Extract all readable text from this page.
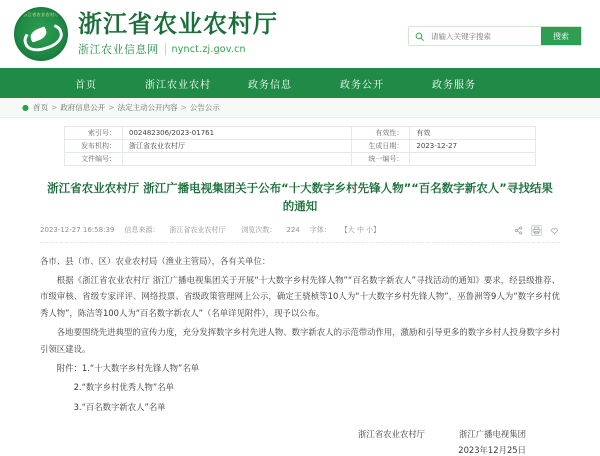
浙江省农业农村厅 浙江省农业农村厅
浙江农业信息网 nynct.zj.gov.cn
请输入关键字搜索
搜索
首页	浙江农业农村	政务信息	政务公开	政务服务
● 首页 > 政府信息公开 > 法定主动公开内容 > 公告公示
索引号：	002482306/2023-01761	有效性：	有效
发布机构：	浙江省农业农村厅	生成日期：	2023-12-27
文件编号：		统一编号：	
浙江省农业农村厅 浙江广播电视集团关于公布“十大数字乡村先锋人物”“百名数字新农人”寻找结果的通知
2023-12-27 16:58:39 信息来源： 浙江省农业农村厅 浏览次数： 224 字体： 【大 中 小】

各市、县（市、区）农业农村局（渔业主管局），各有关单位：

根据《浙江省农业农村厅 浙江广播电视集团关于开展“十大数字乡村先锋人物”“百名数字新农人”寻找活动的通知》要求，经县级推荐、市级审核、省级专家评评、网络投票、省级政策管理网上公示，确定王骁桢等10人为“十大数字乡村先锋人物”，巫鲁洲等9人为“数字乡村优秀人物”，陈洁等100人为“百名数字新农人”（名单详见附件），现予以公布。

各地要围绕先进典型的宣传力度，充分发挥数字乡村先进人物、数字新农人的示范带动作用，激励和引导更多的数字乡村人投身数字乡村引领区建设。

附件：1.“十大数字乡村先锋人物”名单

2.“数字乡村优秀人物”名单

3.“百名数字新农人”名单

浙江省农业农村厅	浙江广播电视集团
2023年12月25日
